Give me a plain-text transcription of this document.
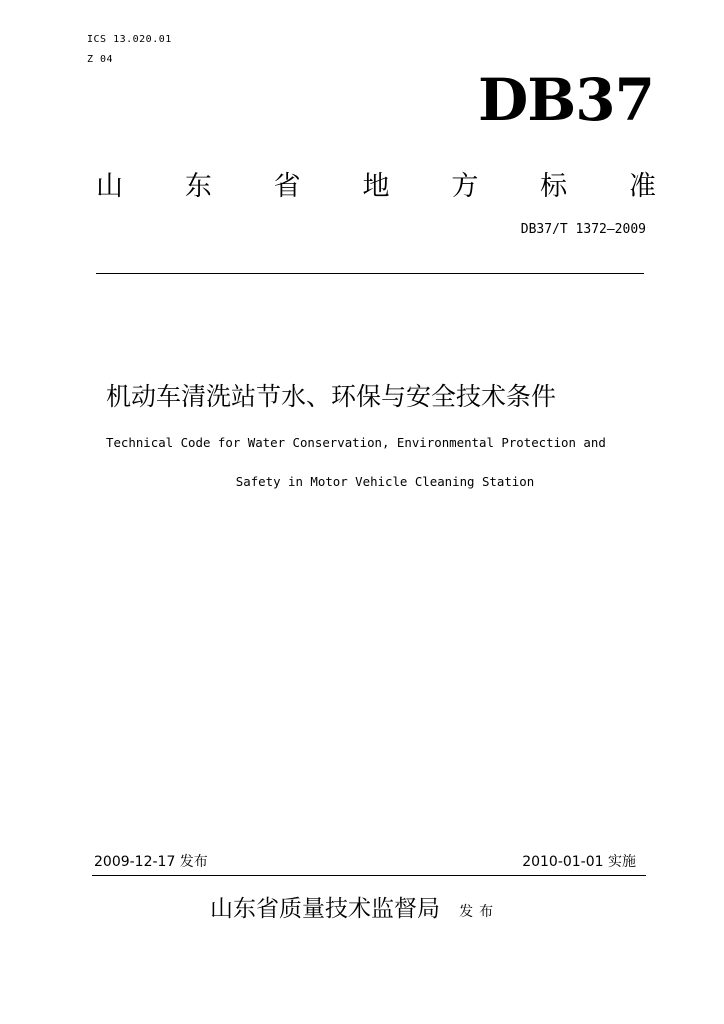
ICS 13.020.01
Z 04
DB37
山 东 省 地 方 标 准
DB37/T 1372—2009
机动车清洗站节水、环保与安全技术条件
Technical Code for Water Conservation, Environmental Protection and
Safety in Motor Vehicle Cleaning Station
2009-12-17 发布	2010-01-01 实施
山东省质量技术监督局 发布
